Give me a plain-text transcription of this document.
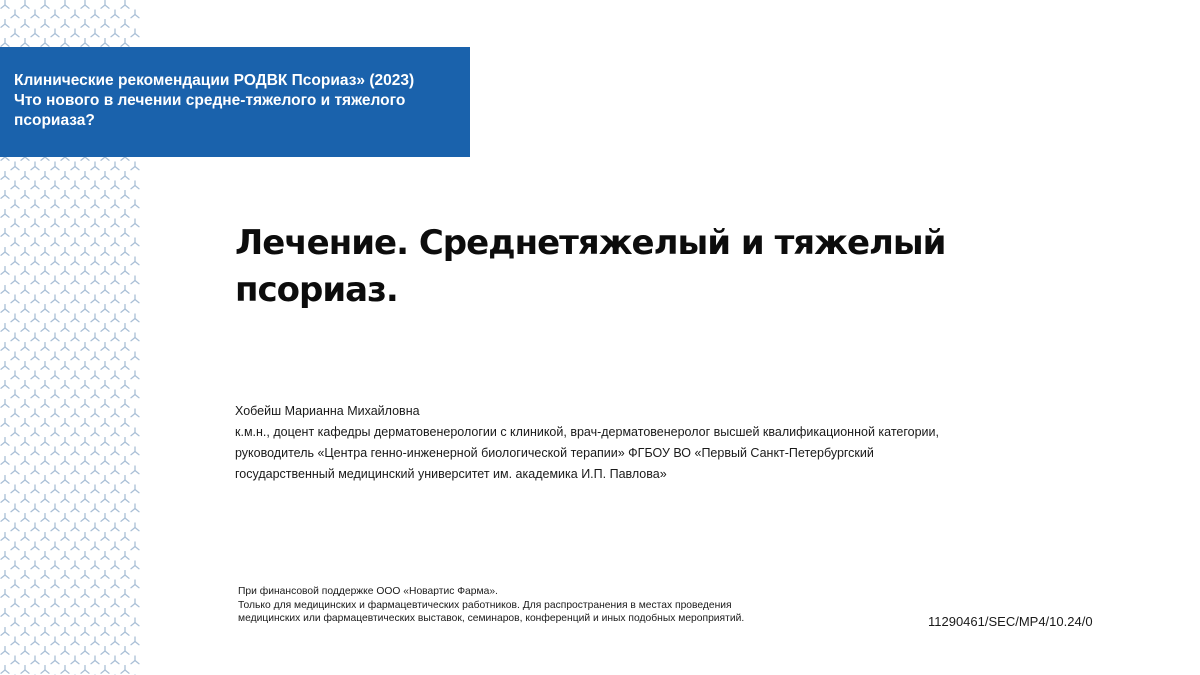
Клинические рекомендации РОДВК Псориаз» (2023)
Что нового в лечении средне-тяжелого и тяжелого
псориаза?
Лечение. Среднетяжелый и тяжелый
псориаз.
Хобейш Марианна Михайловна
к.м.н., доцент кафедры дерматовенерологии с клиникой, врач-дерматовенеролог высшей квалификационной категории,
руководитель «Центра генно-инженерной биологической терапии» ФГБОУ ВО «Первый Санкт-Петербургский
государственный медицинский университет им. академика И.П. Павлова»
При финансовой поддержке ООО «Новартис Фарма».
Только для медицинских и фармацевтических работников. Для распространения в местах проведения
медицинских или фармацевтических выставок, семинаров, конференций и иных подобных мероприятий.	11290461/SEC/MP4/10.24/0
